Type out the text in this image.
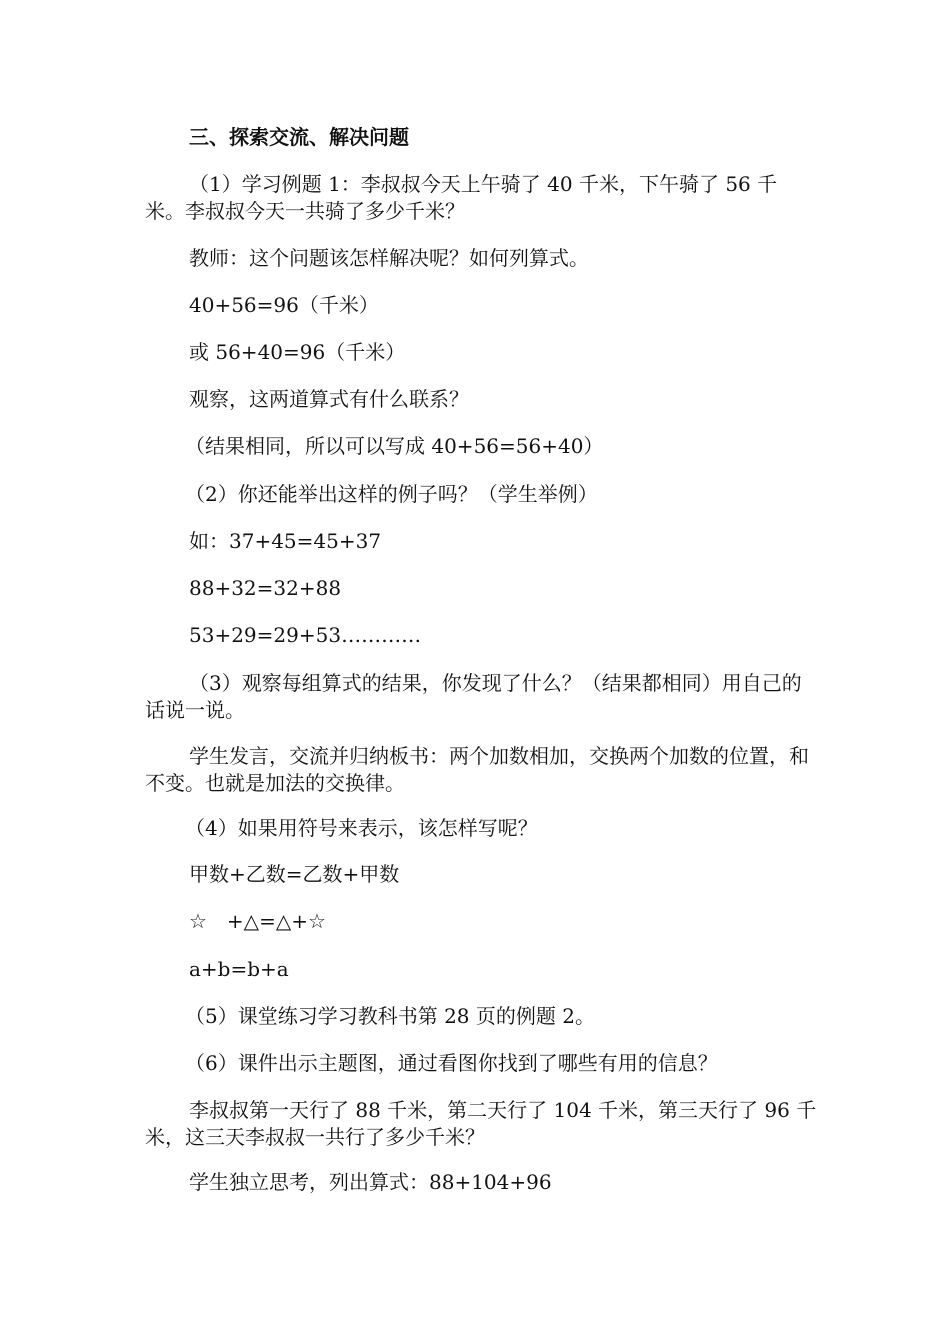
三、探索交流、解决问题

（1）学习例题 1：李叔叔今天上午骑了 40 千米，下午骑了 56 千米。李叔叔今天一共骑了多少千米？

教师：这个问题该怎样解决呢？如何列算式。

40+56=96（千米）

或 56+40=96（千米）

观察，这两道算式有什么联系？

（结果相同，所以可以写成 40+56=56+40）

（2）你还能举出这样的例子吗？（学生举例）

如：37+45=45+37

88+32=32+88

53+29=29+53…………

（3）观察每组算式的结果，你发现了什么？（结果都相同）用自己的话说一说。

学生发言，交流并归纳板书：两个加数相加，交换两个加数的位置，和不变。也就是加法的交换律。

（4）如果用符号来表示，该怎样写呢？

甲数+乙数=乙数+甲数

☆　+△=△+☆

a+b=b+a

（5）课堂练习学习教科书第 28 页的例题 2。

（6）课件出示主题图，通过看图你找到了哪些有用的信息？

李叔叔第一天行了 88 千米，第二天行了 104 千米，第三天行了 96 千米，这三天李叔叔一共行了多少千米？

学生独立思考，列出算式：88+104+96
